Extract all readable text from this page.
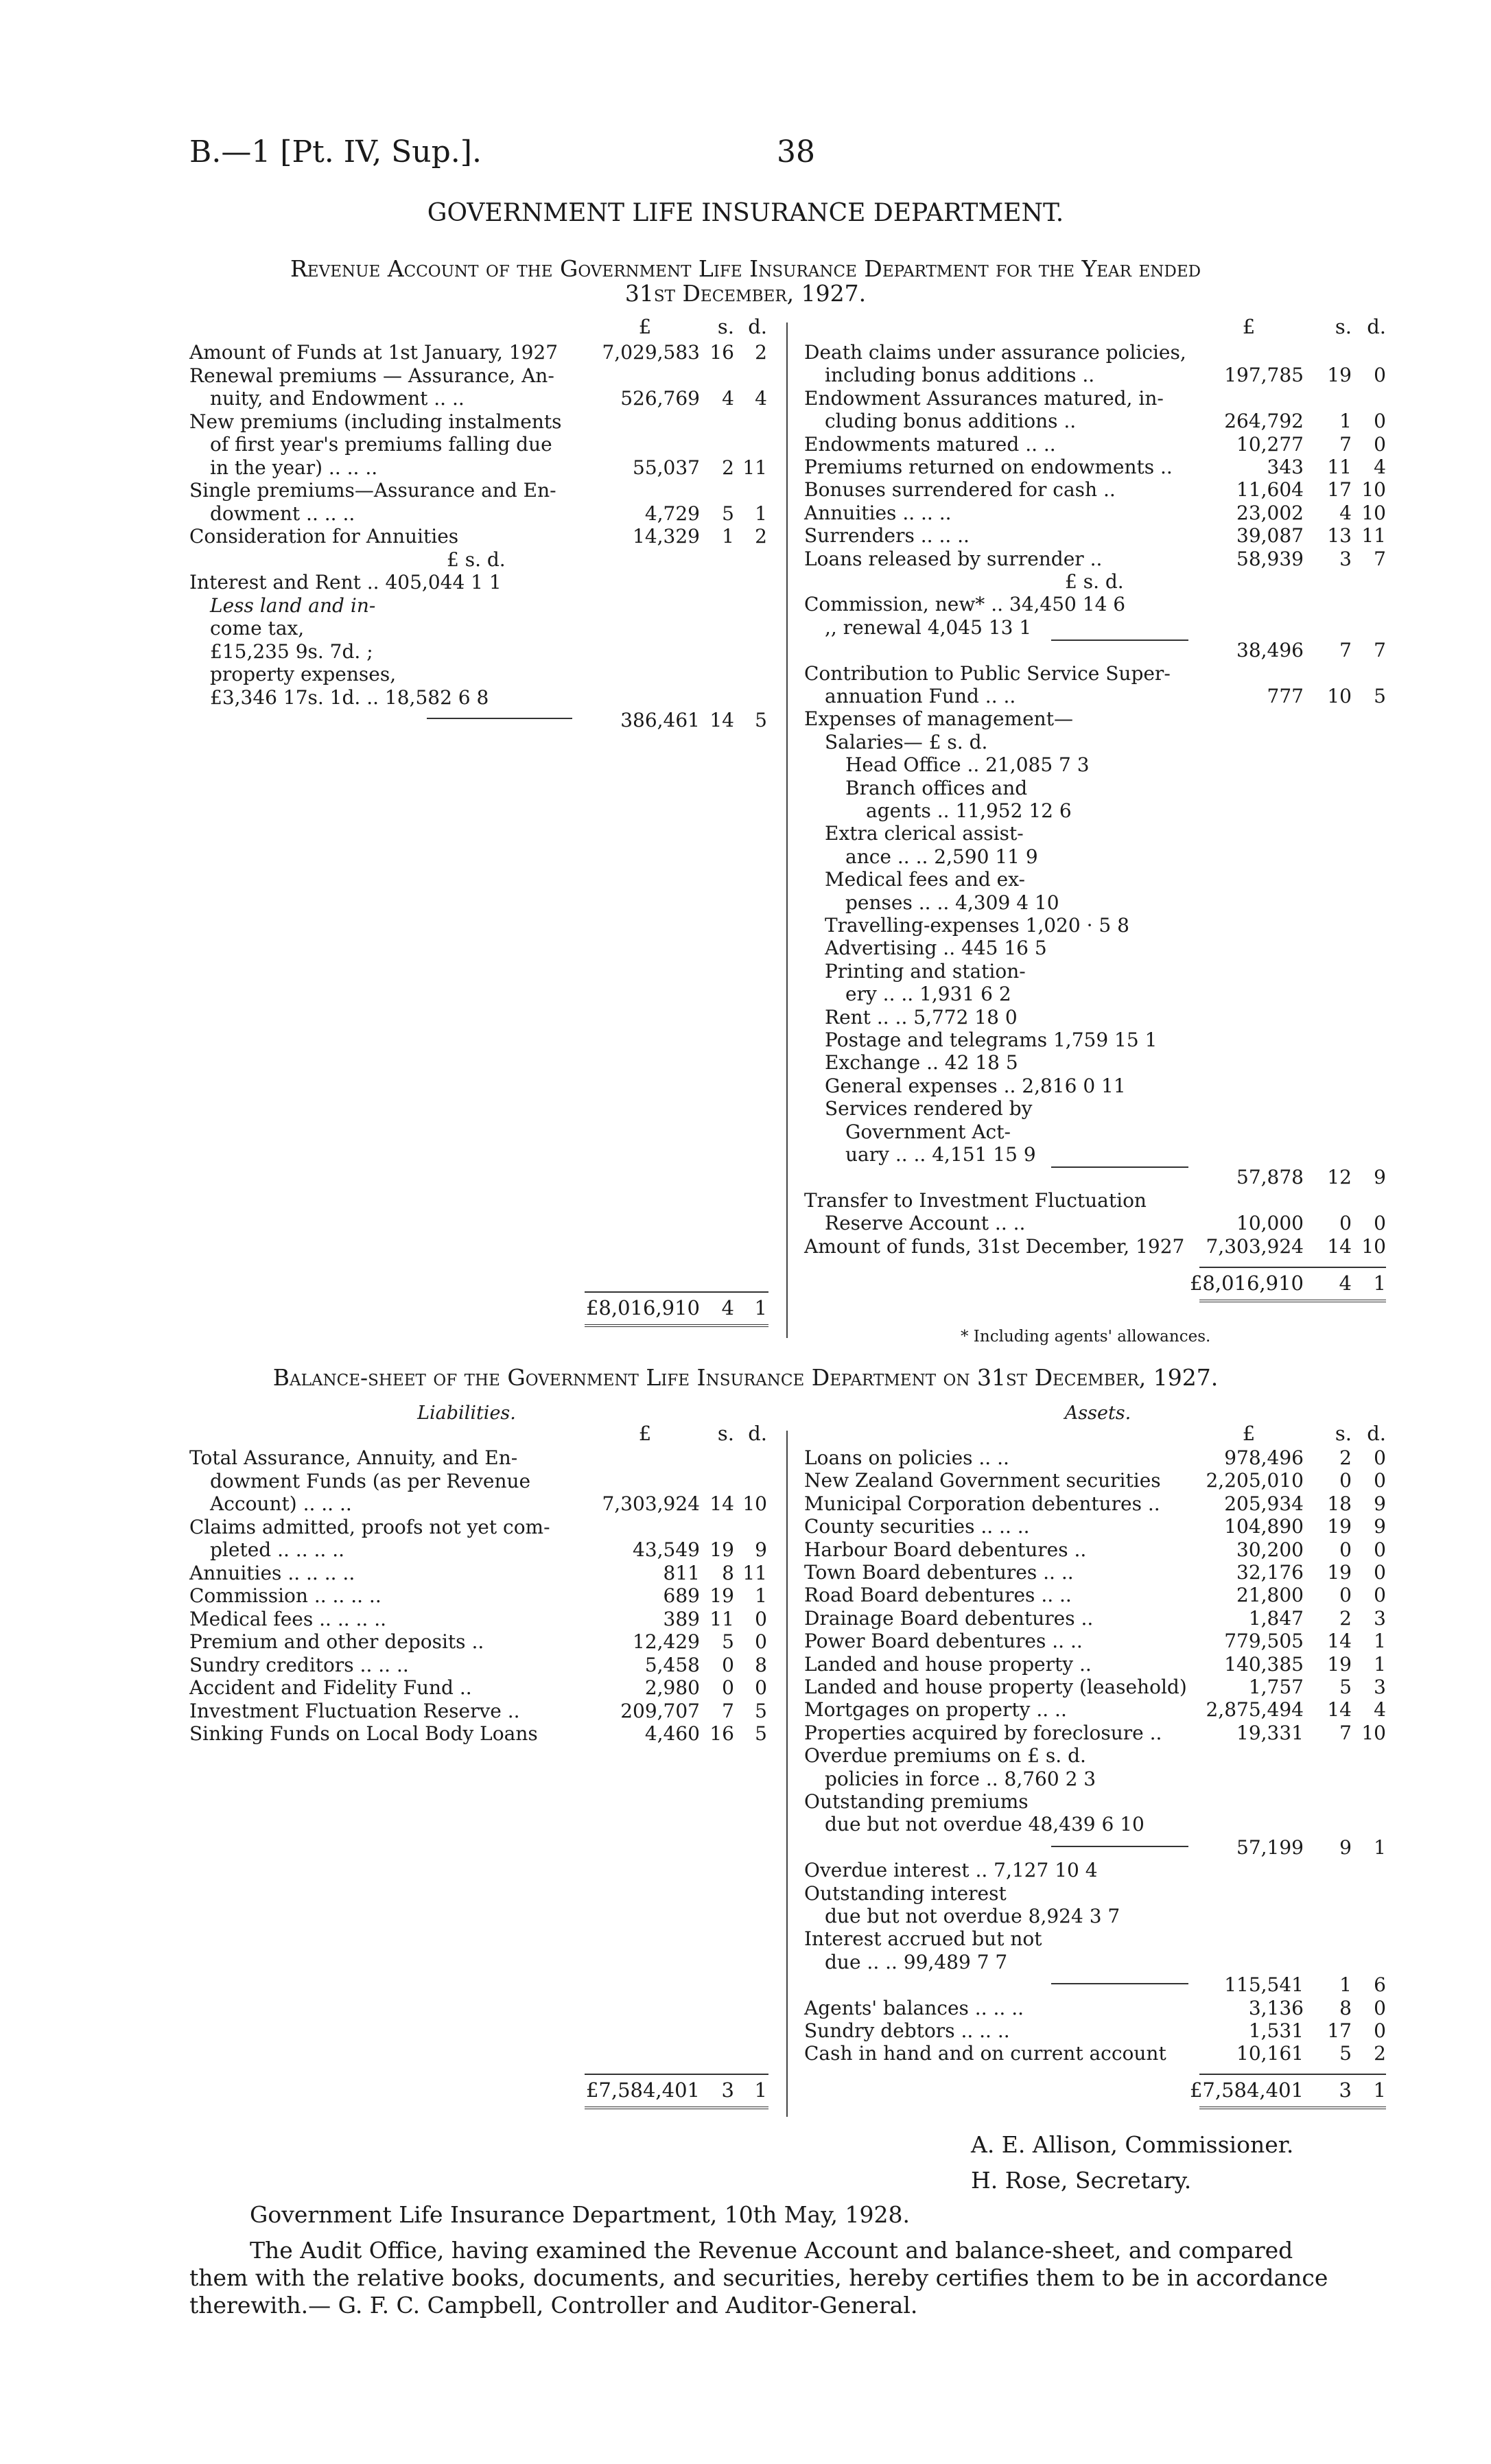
B.—1 [Pt. IV, Sup.].	38
GOVERNMENT LIFE INSURANCE DEPARTMENT.
Revenue Account of the Government Life Insurance Department for the Year ended
31st December, 1927.
£	s. d.	£	s. d.
Amount of Funds at 1st January, 1927	7,029,583 16	2
Renewal premiums — Assurance, An-
nuity, and Endowment .. ..	526,769	4	4
New premiums (including instalments
of first year's premiums falling due
in the year) .. .. ..	55,037	2 11
Single premiums—Assurance and En-
dowment .. .. ..	4,729	5	1
Consideration for Annuities	14,329	1	2
£ s. d.
Interest and Rent .. 405,044 1 1
Less land and in-
come tax,
£15,235 9s. 7d. ;
property expenses,
£3,346 17s. 1d. .. 18,582 6 8
386,461 14	5
Death claims under assurance policies,
including bonus additions ..	197,785	19	0
Endowment Assurances matured, in-
cluding bonus additions ..	264,792	1	0
Endowments matured .. ..	10,277	7	0
Premiums returned on endowments ..	343	11	4
Bonuses surrendered for cash ..	11,604	17 10
Annuities .. .. ..	23,002	4 10
Surrenders .. .. ..	39,087	13 11
Loans released by surrender ..	58,939	3	7
£ s. d.
Commission, new* .. 34,450 14 6
,, renewal 4,045 13 1
38,496	7	7
Contribution to Public Service Super-
annuation Fund .. ..	777	10	5
Expenses of management—
Salaries— £ s. d.
Head Office .. 21,085 7 3
Branch offices and
agents .. 11,952 12 6
Extra clerical assist-
ance .. .. 2,590 11 9
Medical fees and ex-
penses .. .. 4,309 4 10
Travelling-expenses 1,020 · 5 8
Advertising .. 445 16 5
Printing and station-
ery .. .. 1,931 6 2
Rent .. .. 5,772 18 0
Postage and telegrams 1,759 15 1
Exchange .. 42 18 5
General expenses .. 2,816 0 11
Services rendered by
Government Act-
uary .. .. 4,151 15 9
57,878	12	9
Transfer to Investment Fluctuation
Reserve Account .. ..	10,000	0	0
Amount of funds, 31st December, 1927	7,303,924	14 10
£8,016,910	4	1
£8,016,910	4	1
Balance-sheet of the Government Life Insurance Department on 31st December, 1927.
Liabilities.	Assets.
£	s. d.	£	s. d.
Total Assurance, Annuity, and En-
dowment Funds (as per Revenue
Account) .. .. ..	7,303,924 14 10
Claims admitted, proofs not yet com-
pleted .. .. .. ..	43,549 19	9
Annuities .. .. .. ..	811	8 11
Commission .. .. .. ..	689 19	1
Medical fees .. .. .. ..	389 11	0
Premium and other deposits ..	12,429	5	0
Sundry creditors .. .. ..	5,458	0	8
Accident and Fidelity Fund ..	2,980	0	0
Investment Fluctuation Reserve ..	209,707	7	5
Sinking Funds on Local Body Loans	4,460 16	5
Loans on policies .. ..	978,496	2	0
New Zealand Government securities	2,205,010	0	0
Municipal Corporation debentures ..	205,934	18	9
County securities .. .. ..	104,890	19	9
Harbour Board debentures ..	30,200	0	0
Town Board debentures .. ..	32,176	19	0
Road Board debentures .. ..	21,800	0	0
Drainage Board debentures ..	1,847	2	3
Power Board debentures .. ..	779,505	14	1
Landed and house property ..	140,385	19	1
Landed and house property (leasehold)	1,757	5	3
Mortgages on property .. ..	2,875,494	14	4
Properties acquired by foreclosure ..	19,331	7 10
Overdue premiums on £ s. d.
policies in force .. 8,760 2 3
Outstanding premiums
due but not overdue 48,439 6 10
57,199	9	1
Overdue interest .. 7,127 10 4
Outstanding interest
due but not overdue 8,924 3 7
Interest accrued but not
due .. .. 99,489 7 7
115,541	1	6
Agents' balances .. .. ..	3,136	8	0
Sundry debtors .. .. ..	1,531	17	0
Cash in hand and on current account	10,161	5	2
£7,584,401	3	1	£7,584,401	3	1
* Including agents' allowances.
A. E. Allison, Commissioner.
H. Rose, Secretary.
Government Life Insurance Department, 10th May, 1928.
The Audit Office, having examined the Revenue Account and balance-sheet, and compared
them with the relative books, documents, and securities, hereby certifies them to be in accordance
therewith.— G. F. C. Campbell, Controller and Auditor-General.
